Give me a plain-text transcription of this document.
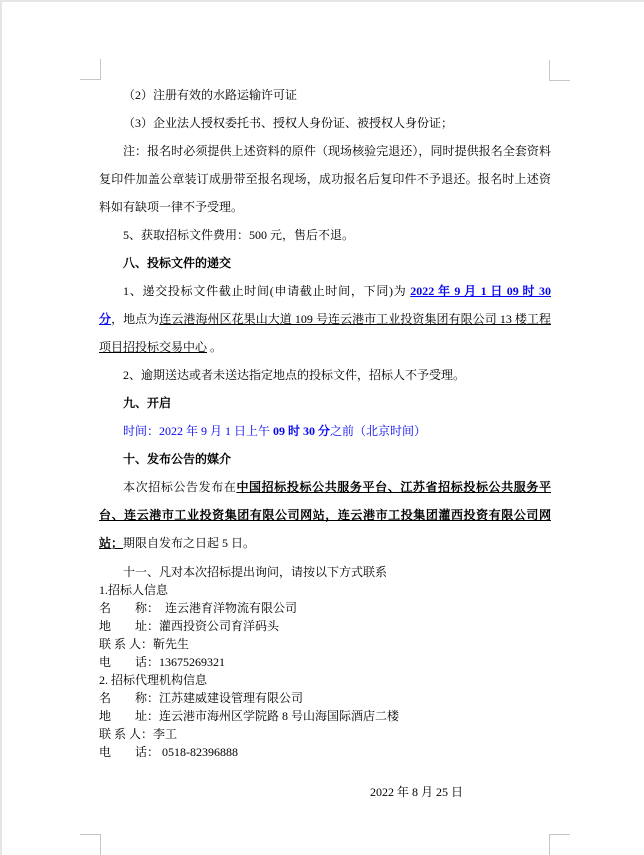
（2）注册有效的水路运输许可证

（3）企业法人授权委托书、授权人身份证、被授权人身份证；

注：报名时必须提供上述资料的原件（现场核验完退还），同时提供报名全套资料复印件加盖公章装订成册带至报名现场，成功报名后复印件不予退还。报名时上述资料如有缺项一律不予受理。

5、获取招标文件费用：500 元，售后不退。

八、投标文件的递交

1、递交投标文件截止时间(申请截止时间，下同)为 2022 年 9 月 1 日 09 时 30 分，地点为连云港海州区花果山大道 109 号连云港市工业投资集团有限公司 13 楼工程项目招投标交易中心 。

2、逾期送达或者未送达指定地点的投标文件，招标人不予受理。

九、开启

时间：2022 年 9 月 1 日上午 09 时 30 分之前（北京时间）

十、发布公告的媒介

本次招标公告发布在中国招标投标公共服务平台、江苏省招标投标公共服务平台、连云港市工业投资集团有限公司网站，连云港市工投集团灌西投资有限公司网站；期限自发布之日起 5 日。

十一、凡对本次招标提出询问，请按以下方式联系
1.招标人信息
名　　称：　连云港育洋物流有限公司
地　　址：灌西投资公司育洋码头
联 系 人：靳先生
电　　话：13675269321
2. 招标代理机构信息
名　　称：江苏建威建设管理有限公司
地　　址：连云港市海州区学院路 8 号山海国际酒店二楼
联 系 人：李工
电　　话： 0518-82396888
2022 年 8 月 25 日
